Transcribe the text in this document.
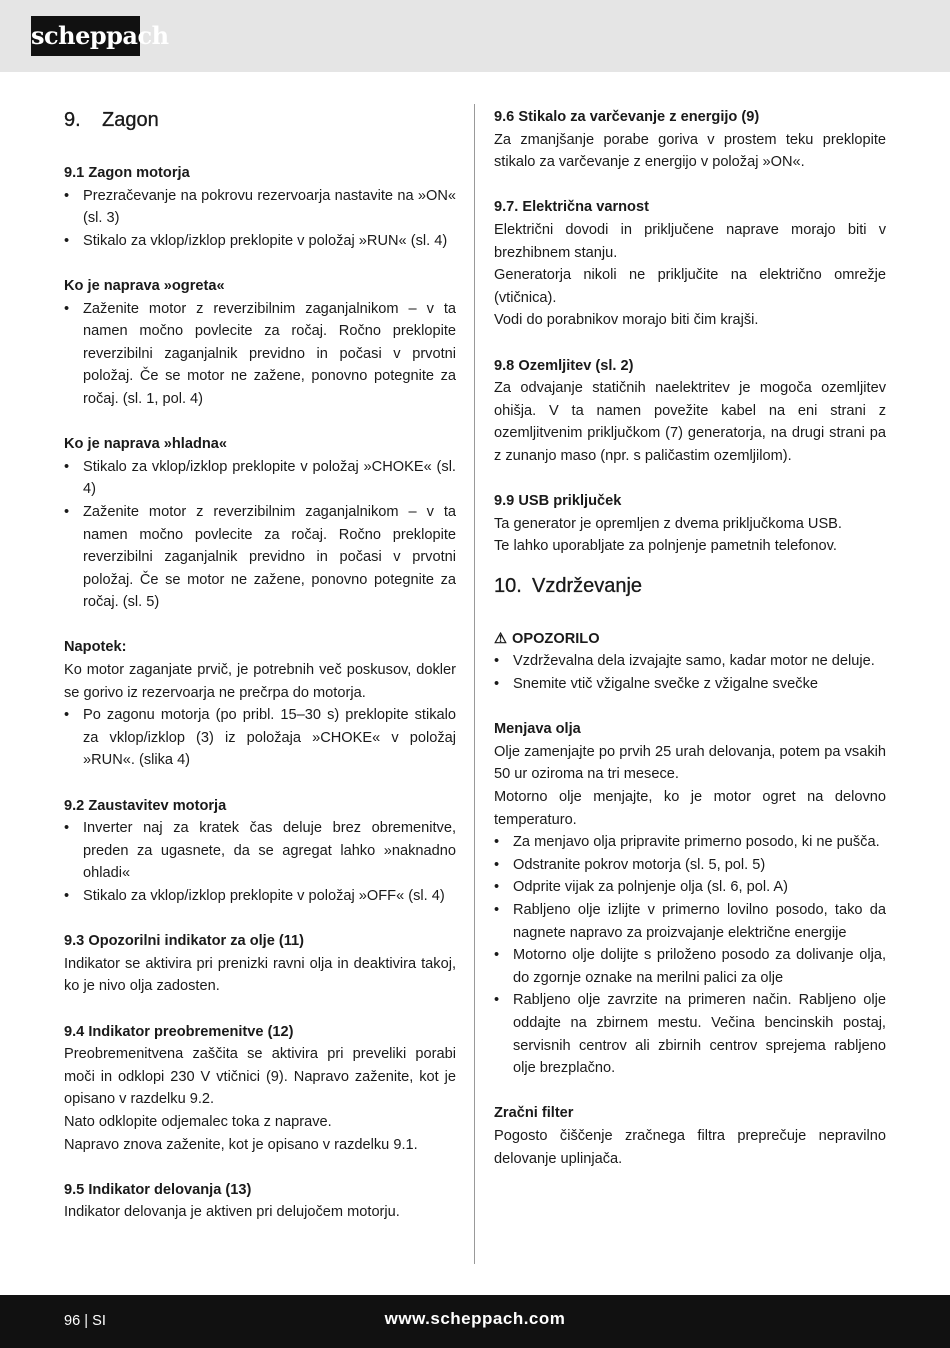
scheppach
9. Zagon

9.1 Zagon motorja

• Prezračevanje na pokrovu rezervoarja nastavite na »ON« (sl. 3)
• Stikalo za vklop/izklop preklopite v položaj »RUN« (sl. 4)

Ko je naprava »ogreta«

• Zaženite motor z reverzibilnim zaganjalnikom – v ta namen močno povlecite za ročaj. Ročno preklopite reverzibilni zaganjalnik previdno in počasi v prvotni položaj. Če se motor ne zažene, ponovno potegnite za ročaj. (sl. 1, pol. 4)

Ko je naprava »hladna«

• Stikalo za vklop/izklop preklopite v položaj »CHOKE« (sl. 4)
• Zaženite motor z reverzibilnim zaganjalnikom – v ta namen močno povlecite za ročaj. Ročno preklopite reverzibilni zaganjalnik previdno in počasi v prvotni položaj. Če se motor ne zažene, ponovno potegnite za ročaj. (sl. 5)

Napotek:

Ko motor zaganjate prvič, je potrebnih več poskusov, dokler se gorivo iz rezervoarja ne prečrpa do motorja.

• Po zagonu motorja (po pribl. 15–30 s) preklopite stikalo za vklop/izklop (3) iz položaja »CHOKE« v položaj »RUN«. (slika 4)

9.2 Zaustavitev motorja

• Inverter naj za kratek čas deluje brez obremenitve, preden za ugasnete, da se agregat lahko »naknadno ohladi«
• Stikalo za vklop/izklop preklopite v položaj »OFF« (sl. 4)

9.3 Opozorilni indikator za olje (11)

Indikator se aktivira pri prenizki ravni olja in deaktivira takoj, ko je nivo olja zadosten.

9.4 Indikator preobremenitve (12)

Preobremenitvena zaščita se aktivira pri preveliki porabi moči in odklopi 230 V vtičnici (9). Napravo zaženite, kot je opisano v razdelku 9.2.

Nato odklopite odjemalec toka z naprave.

Napravo znova zaženite, kot je opisano v razdelku 9.1.

9.5 Indikator delovanja (13)

Indikator delovanja je aktiven pri delujočem motorju.

9.6 Stikalo za varčevanje z energijo (9)

Za zmanjšanje porabe goriva v prostem teku preklopite stikalo za varčevanje z energijo v položaj »ON«.

9.7. Električna varnost

Električni dovodi in priključene naprave morajo biti v brezhibnem stanju.

Generatorja nikoli ne priključite na električno omrežje (vtičnica).

Vodi do porabnikov morajo biti čim krajši.

9.8 Ozemljitev (sl. 2)

Za odvajanje statičnih naelektritev je mogoča ozemljitev ohišja. V ta namen povežite kabel na eni strani z ozemljitvenim priključkom (7) generatorja, na drugi strani pa z zunanjo maso (npr. s paličastim ozemljilom).

9.9 USB priključek

Ta generator je opremljen z dvema priključkoma USB.

Te lahko uporabljate za polnjenje pametnih telefonov.

10. Vzdrževanje

⚠ OPOZORILO

• Vzdrževalna dela izvajajte samo, kadar motor ne deluje.
• Snemite vtič vžigalne svečke z vžigalne svečke

Menjava olja

Olje zamenjajte po prvih 25 urah delovanja, potem pa vsakih 50 ur oziroma na tri mesece.

Motorno olje menjajte, ko je motor ogret na delovno temperaturo.

• Za menjavo olja pripravite primerno posodo, ki ne pušča.
• Odstranite pokrov motorja (sl. 5, pol. 5)
• Odprite vijak za polnjenje olja (sl. 6, pol. A)
• Rabljeno olje izlijte v primerno lovilno posodo, tako da nagnete napravo za proizvajanje električne energije
• Motorno olje dolijte s priloženo posodo za dolivanje olja, do zgornje oznake na merilni palici za olje
• Rabljeno olje zavrzite na primeren način. Rabljeno olje oddajte na zbirnem mestu. Večina bencinskih postaj, servisnih centrov ali zbirnih centrov sprejema rabljeno olje brezplačno.

Zračni filter

Pogosto čiščenje zračnega filtra preprečuje nepravilno delovanje uplinjača.

96 | SI	www.scheppach.com
